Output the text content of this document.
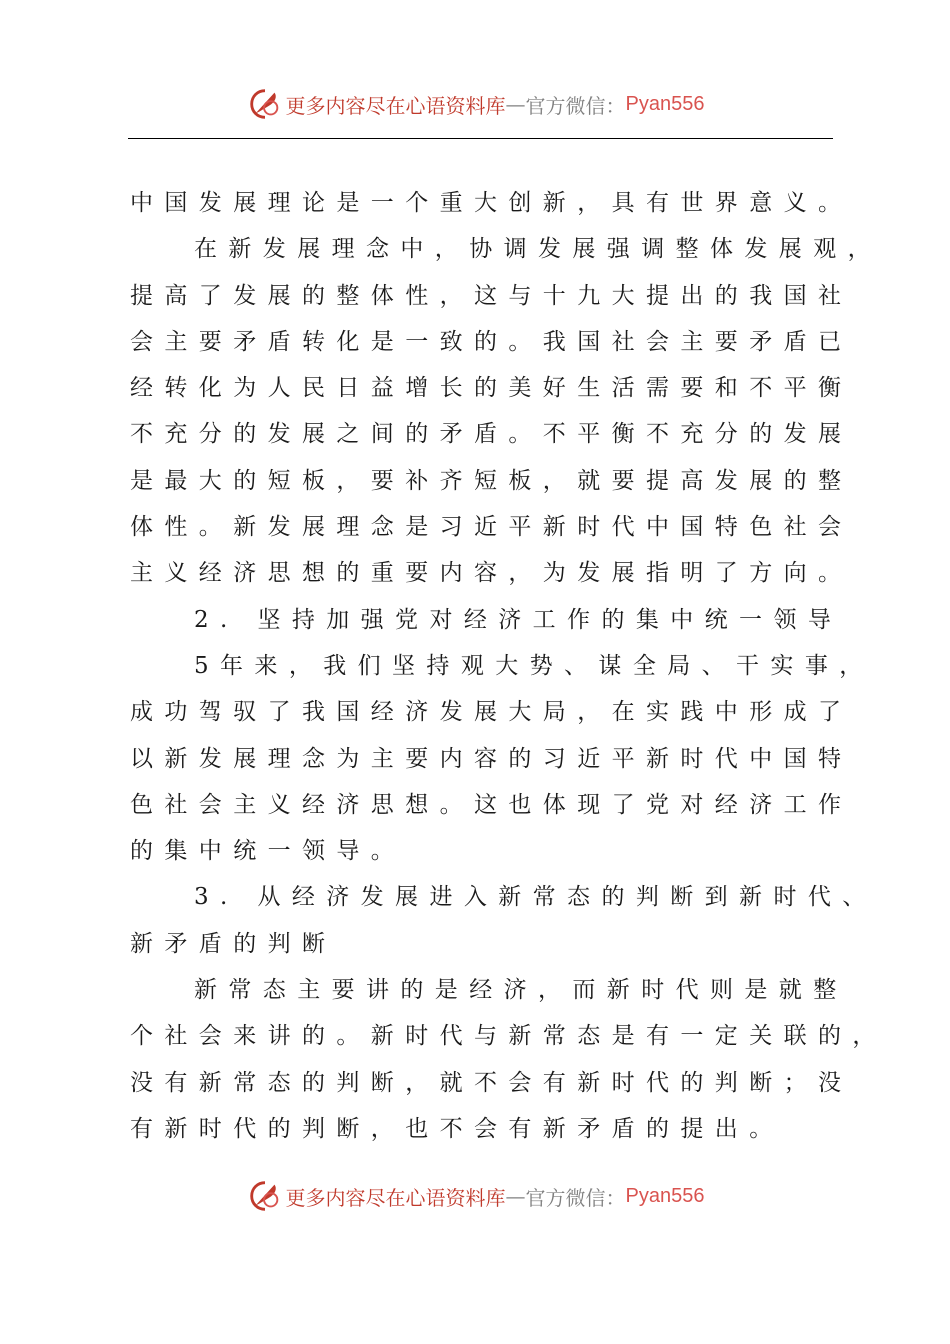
更多内容尽在心语资料库 — 官方微信： Pyan556
中国发展理论是一个重大创新，具有世界意义。
在新发展理念中，协调发展强调整体发展观，
提高了发展的整体性，这与十九大提出的我国社
会主要矛盾转化是一致的。我国社会主要矛盾已
经转化为人民日益增长的美好生活需要和不平衡
不充分的发展之间的矛盾。不平衡不充分的发展
是最大的短板，要补齐短板，就要提高发展的整
体性。新发展理念是习近平新时代中国特色社会
主义经济思想的重要内容，为发展指明了方向。
2. 坚持加强党对经济工作的集中统一领导
5年来，我们坚持观大势、谋全局、干实事，
成功驾驭了我国经济发展大局，在实践中形成了
以新发展理念为主要内容的习近平新时代中国特
色社会主义经济思想。这也体现了党对经济工作
的集中统一领导。
3. 从经济发展进入新常态的判断到新时代、
新矛盾的判断
新常态主要讲的是经济，而新时代则是就整
个社会来讲的。新时代与新常态是有一定关联的，
没有新常态的判断，就不会有新时代的判断；没
有新时代的判断，也不会有新矛盾的提出。
更多内容尽在心语资料库 — 官方微信： Pyan556
